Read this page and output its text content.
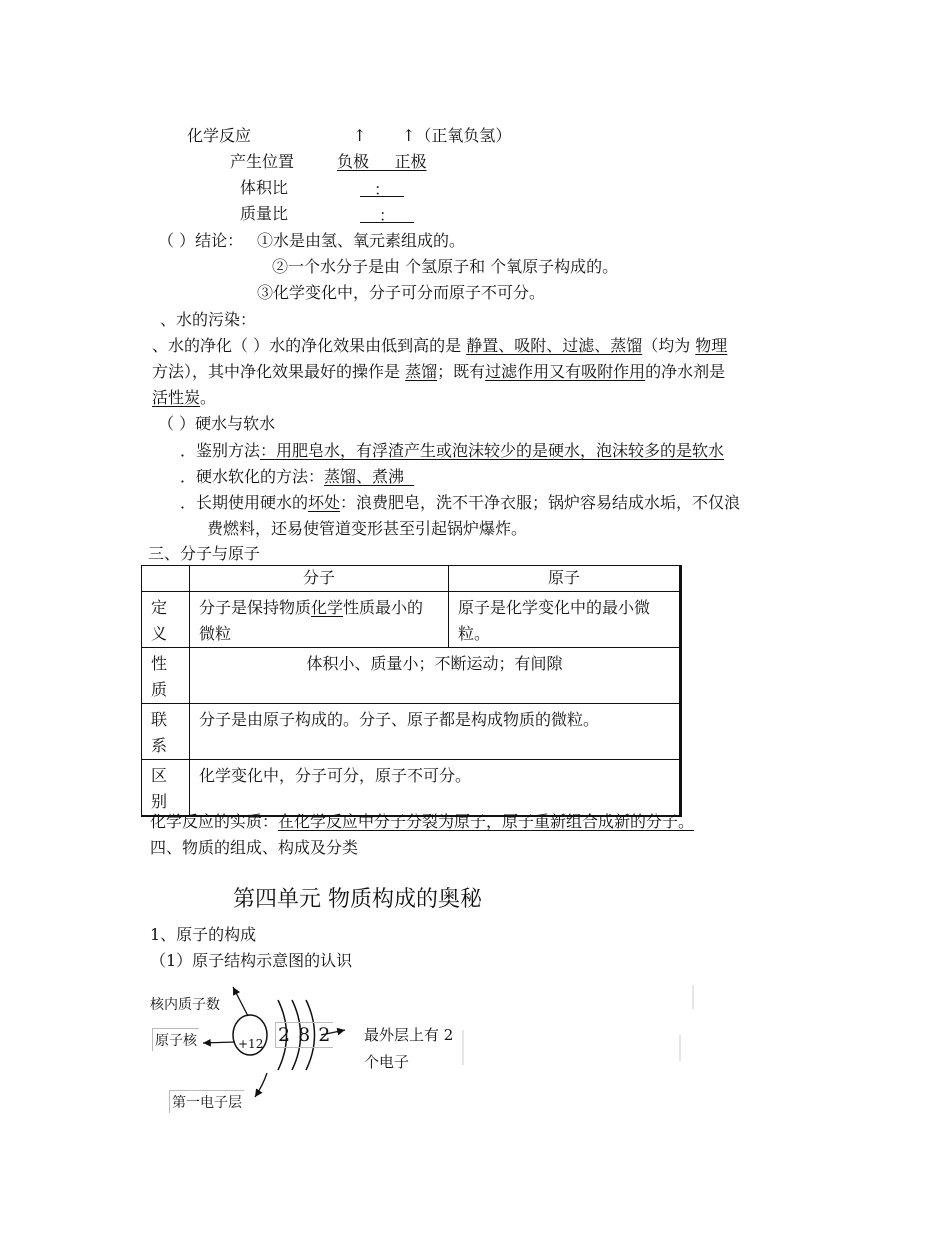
化学反应	↑ ↑（正氧负氢）
产生位置	负极 正极
体积比	：
质量比	：
（ ）结论： ①水是由氢、氧元素组成的。
②一个水分子是由 个氢原子和 个氧原子构成的。
③化学变化中，分子可分而原子不可分。
、水的污染：
、水的净化（ ）水的净化效果由低到高的是 静置、吸附、过滤、蒸馏（均为 物理
方法），其中净化效果最好的操作是 蒸馏；既有过滤作用又有吸附作用的净水剂是
活性炭。
（ ）硬水与软水
．鉴别方法：用肥皂水，有浮渣产生或泡沫较少的是硬水，泡沫较多的是软水
．硬水软化的方法：蒸馏、煮沸
．长期使用硬水的坏处：浪费肥皂，洗不干净衣服；锅炉容易结成水垢，不仅浪
费燃料，还易使管道变形甚至引起锅炉爆炸。
三、分子与原子
	分子	原子
定义	分子是保持物质化学性质最小的微粒	原子是化学变化中的最小微粒。
性质	体积小、质量小；不断运动；有间隙	
联系	分子是由原子构成的。分子、原子都是构成物质的微粒。	
区别	化学变化中，分子可分，原子不可分。	
化学反应的实质：在化学反应中分子分裂为原子，原子重新组合成新的分子。
四、物质的组成、构成及分类
第四单元 物质构成的奥秘
1、原子的构成
（1）原子结构示意图的认识
核内质子数
原子核	+12 2 8 2 最外层上有 2
个电子
第一电子层
